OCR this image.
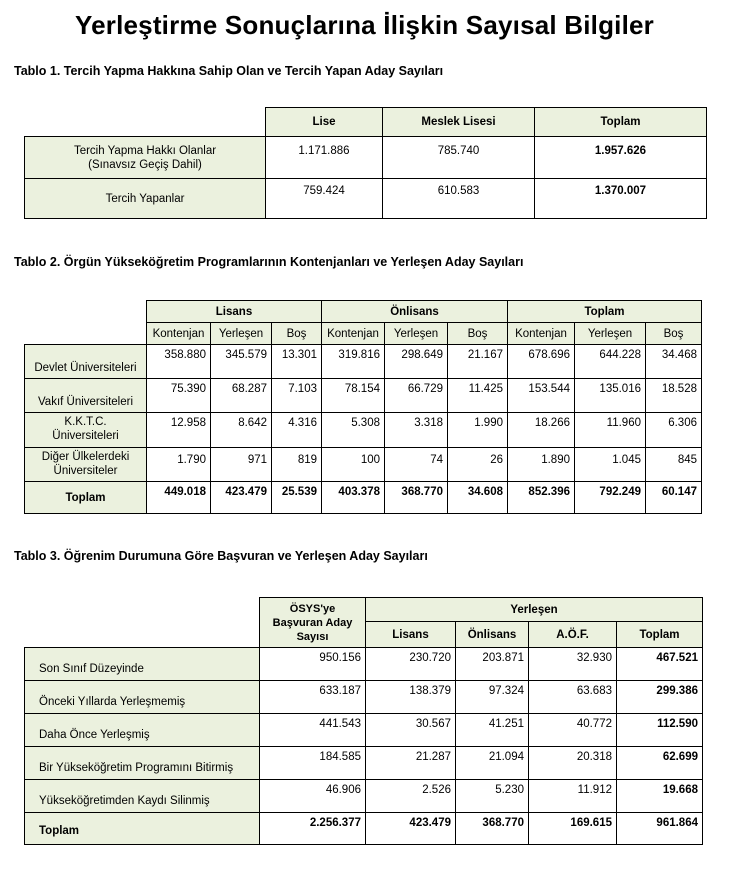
Yerleştirme Sonuçlarına İlişkin Sayısal Bilgiler
Tablo 1. Tercih Yapma Hakkına Sahip Olan ve Tercih Yapan Aday Sayıları
	Lise	Meslek Lisesi	Toplam

Tercih Yapma Hakkı Olanlar
(Sınavsız Geçiş Dahil)	1.171.886	785.740	1.957.626

Tercih Yapanlar	759.424	610.583	1.370.007
Tablo 2. Örgün Yükseköğretim Programlarının Kontenjanları ve Yerleşen Aday Sayıları
	Lisans			Önlisans			Toplam		
	Kontenjan	Yerleşen	Boş	Kontenjan	Yerleşen	Boş	Kontenjan	Yerleşen	Boş

Devlet Üniversiteleri	358.880	345.579	13.301	319.816	298.649	21.167	678.696	644.228	34.468

Vakıf Üniversiteleri	75.390	68.287	7.103	78.154	66.729	11.425	153.544	135.016	18.528

K.K.T.C.
Üniversiteleri	12.958	8.642	4.316	5.308	3.318	1.990	18.266	11.960	6.306

Diğer Ülkelerdeki
Üniversiteler	1.790	971	819	100	74	26	1.890	1.045	845
Toplam	449.018	423.479	25.539	403.378	368.770	34.608	852.396	792.249	60.147
Tablo 3. Öğrenim Durumuna Göre Başvuran ve Yerleşen Aday Sayıları

	ÖSYS'ye
Başvuran Aday
Sayısı	Yerleşen			
		Lisans	Önlisans	A.Ö.F.	Toplam
Son Sınıf Düzeyinde	950.156	230.720	203.871	32.930	467.521
Önceki Yıllarda Yerleşmemiş	633.187	138.379	97.324	63.683	299.386
Daha Önce Yerleşmiş	441.543	30.567	41.251	40.772	112.590
Bir Yükseköğretim Programını Bitirmiş	184.585	21.287	21.094	20.318	62.699
Yükseköğretimden Kaydı Silinmiş	46.906	2.526	5.230	11.912	19.668
Toplam	2.256.377	423.479	368.770	169.615	961.864
